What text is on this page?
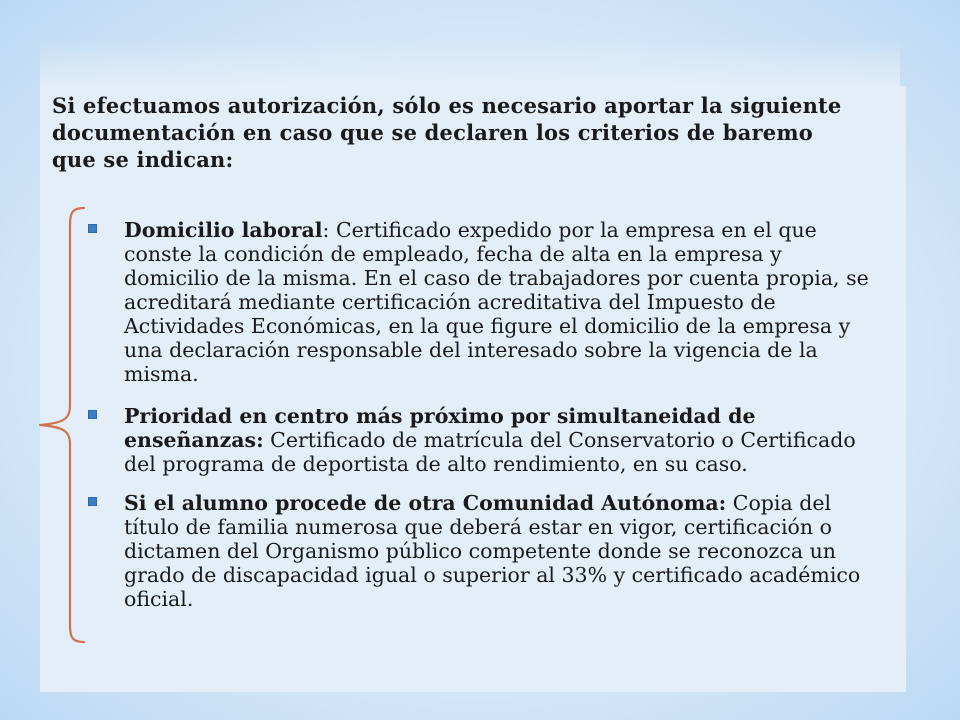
Si efectuamos autorización, sólo es necesario aportar la siguiente documentación en caso que se declaren los criterios de baremo que se indican:

Domicilio laboral: Certificado expedido por la empresa en el que conste la condición de empleado, fecha de alta en la empresa y domicilio de la misma. En el caso de trabajadores por cuenta propia, se acreditará mediante certificación acreditativa del Impuesto de Actividades Económicas, en la que figure el domicilio de la empresa y una declaración responsable del interesado sobre la vigencia de la misma.
Prioridad en centro más próximo por simultaneidad de enseñanzas: Certificado de matrícula del Conservatorio o Certificado del programa de deportista de alto rendimiento, en su caso.
Si el alumno procede de otra Comunidad Autónoma: Copia del título de familia numerosa que deberá estar en vigor, certificación o dictamen del Organismo público competente donde se reconozca un grado de discapacidad igual o superior al 33% y certificado académico oficial.
